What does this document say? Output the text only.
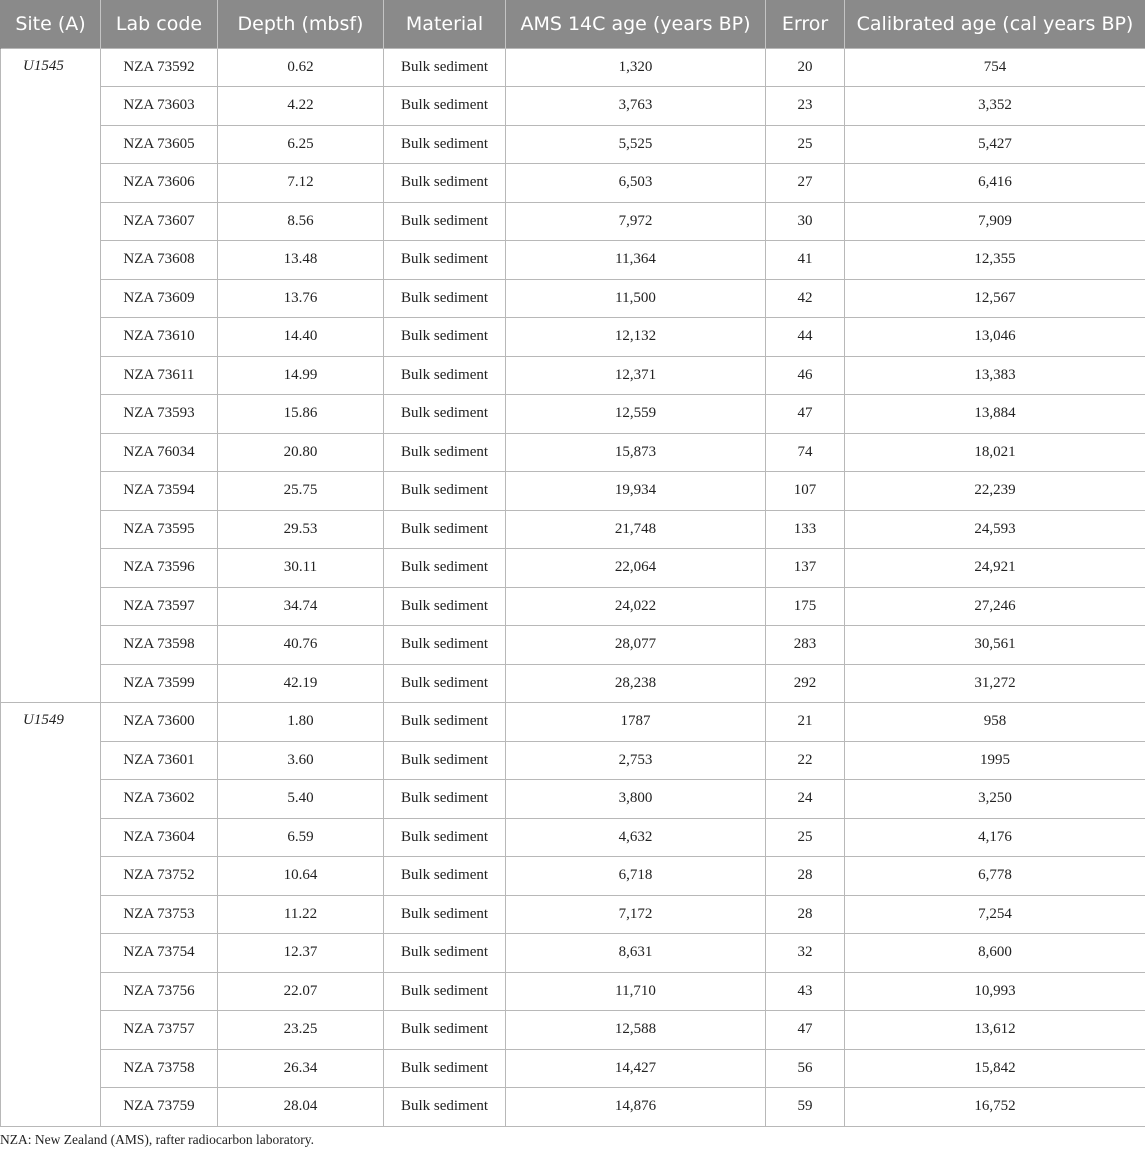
Site (A)	Lab code	Depth (mbsf)	Material	AMS 14C age (years BP)	Error	Calibrated age (cal years BP)
U1545	NZA 73592	0.62	Bulk sediment	1,320	20	754
	NZA 73603	4.22	Bulk sediment	3,763	23	3,352
	NZA 73605	6.25	Bulk sediment	5,525	25	5,427
	NZA 73606	7.12	Bulk sediment	6,503	27	6,416
	NZA 73607	8.56	Bulk sediment	7,972	30	7,909
	NZA 73608	13.48	Bulk sediment	11,364	41	12,355
	NZA 73609	13.76	Bulk sediment	11,500	42	12,567
	NZA 73610	14.40	Bulk sediment	12,132	44	13,046
	NZA 73611	14.99	Bulk sediment	12,371	46	13,383
	NZA 73593	15.86	Bulk sediment	12,559	47	13,884
	NZA 76034	20.80	Bulk sediment	15,873	74	18,021
	NZA 73594	25.75	Bulk sediment	19,934	107	22,239
	NZA 73595	29.53	Bulk sediment	21,748	133	24,593
	NZA 73596	30.11	Bulk sediment	22,064	137	24,921
	NZA 73597	34.74	Bulk sediment	24,022	175	27,246
	NZA 73598	40.76	Bulk sediment	28,077	283	30,561
	NZA 73599	42.19	Bulk sediment	28,238	292	31,272
U1549	NZA 73600	1.80	Bulk sediment	1787	21	958
	NZA 73601	3.60	Bulk sediment	2,753	22	1995
	NZA 73602	5.40	Bulk sediment	3,800	24	3,250
	NZA 73604	6.59	Bulk sediment	4,632	25	4,176
	NZA 73752	10.64	Bulk sediment	6,718	28	6,778
	NZA 73753	11.22	Bulk sediment	7,172	28	7,254
	NZA 73754	12.37	Bulk sediment	8,631	32	8,600
	NZA 73756	22.07	Bulk sediment	11,710	43	10,993
	NZA 73757	23.25	Bulk sediment	12,588	47	13,612
	NZA 73758	26.34	Bulk sediment	14,427	56	15,842
	NZA 73759	28.04	Bulk sediment	14,876	59	16,752
NZA: New Zealand (AMS), rafter radiocarbon laboratory.
